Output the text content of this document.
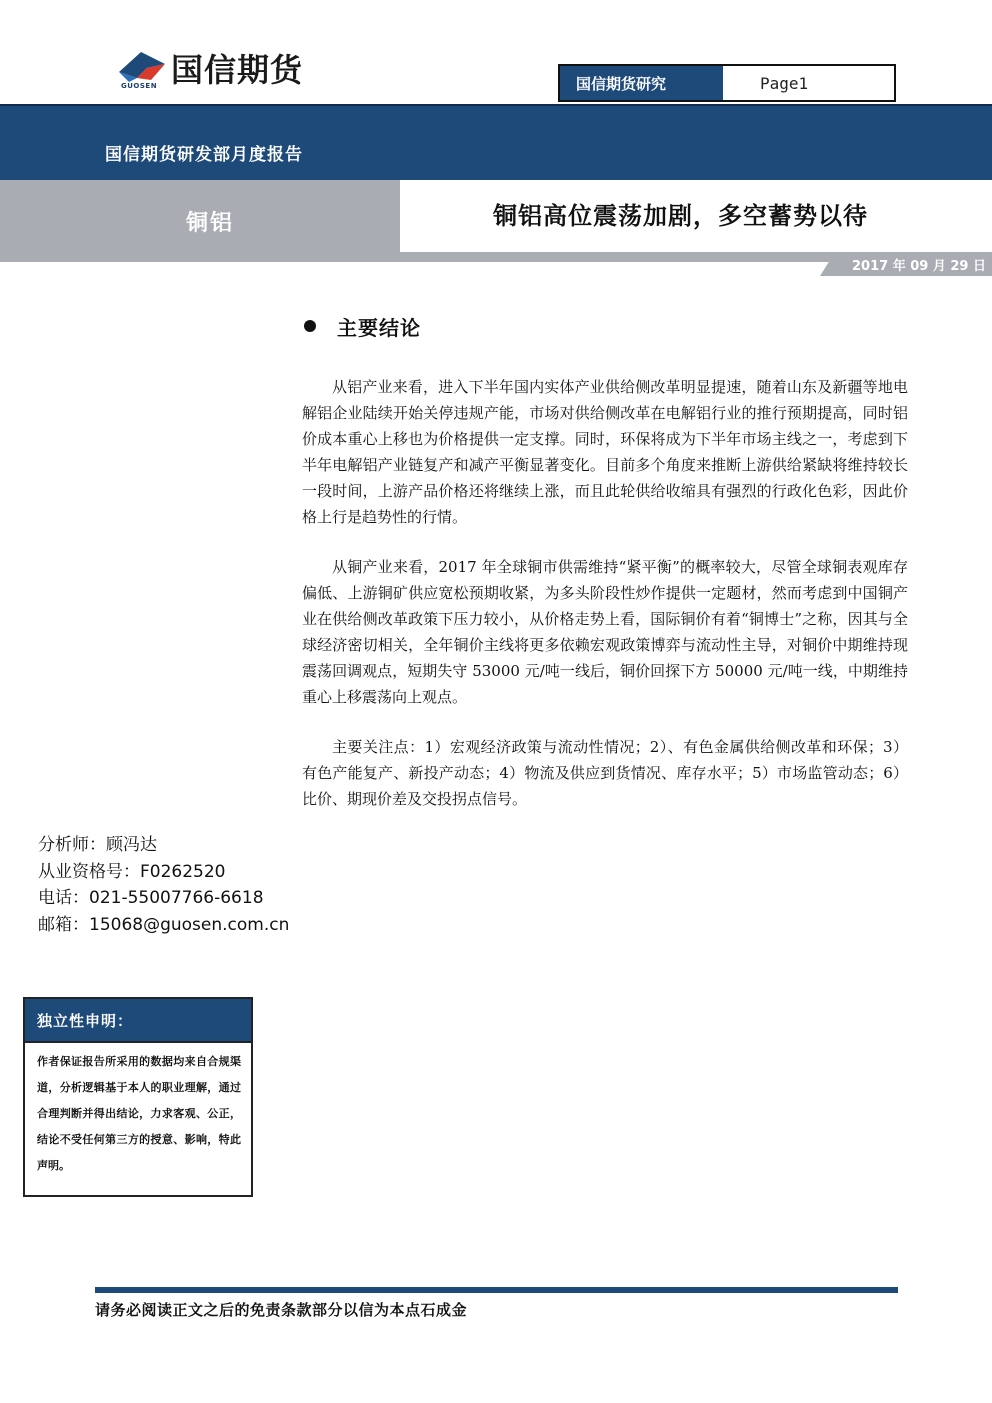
国信期货
GUOSEN	国信期货研究	Page1
国信期货研发部月度报告
铜铝	铜铝高位震荡加剧，多空蓄势以待
2017 年 09 月 29 日
主要结论

从铝产业来看，进入下半年国内实体产业供给侧改革明显提速，随着山东及新疆等地电解铝企业陆续开始关停违规产能，市场对供给侧改革在电解铝行业的推行预期提高，同时铝价成本重心上移也为价格提供一定支撑。同时，环保将成为下半年市场主线之一，考虑到下半年电解铝产业链复产和减产平衡显著变化。目前多个角度来推断上游供给紧缺将维持较长一段时间，上游产品价格还将继续上涨，而且此轮供给收缩具有强烈的行政化色彩，因此价格上行是趋势性的行情。

从铜产业来看，2017 年全球铜市供需维持“紧平衡”的概率较大，尽管全球铜表观库存偏低、上游铜矿供应宽松预期收紧，为多头阶段性炒作提供一定题材，然而考虑到中国铜产业在供给侧改革政策下压力较小，从价格走势上看，国际铜价有着“铜博士”之称，因其与全球经济密切相关，全年铜价主线将更多依赖宏观政策博弈与流动性主导，对铜价中期维持现震荡回调观点，短期失守 53000 元/吨一线后，铜价回探下方 50000 元/吨一线，中期维持重心上移震荡向上观点。

主要关注点：1）宏观经济政策与流动性情况；2）、有色金属供给侧改革和环保；3）有色产能复产、新投产动态；4）物流及供应到货情况、库存水平；5）市场监管动态；6）比价、期现价差及交投拐点信号。

分析师：顾冯达
从业资格号：F0262520
电话：021-55007766-6618
邮箱：15068@guosen.com.cn
独立性申明：
作者保证报告所采用的数据均来自合规渠道，分析逻辑基于本人的职业理解，通过合理判断并得出结论，力求客观、公正，结论不受任何第三方的授意、影响，特此声明。
请务必阅读正文之后的免责条款部分以信为本点石成金
